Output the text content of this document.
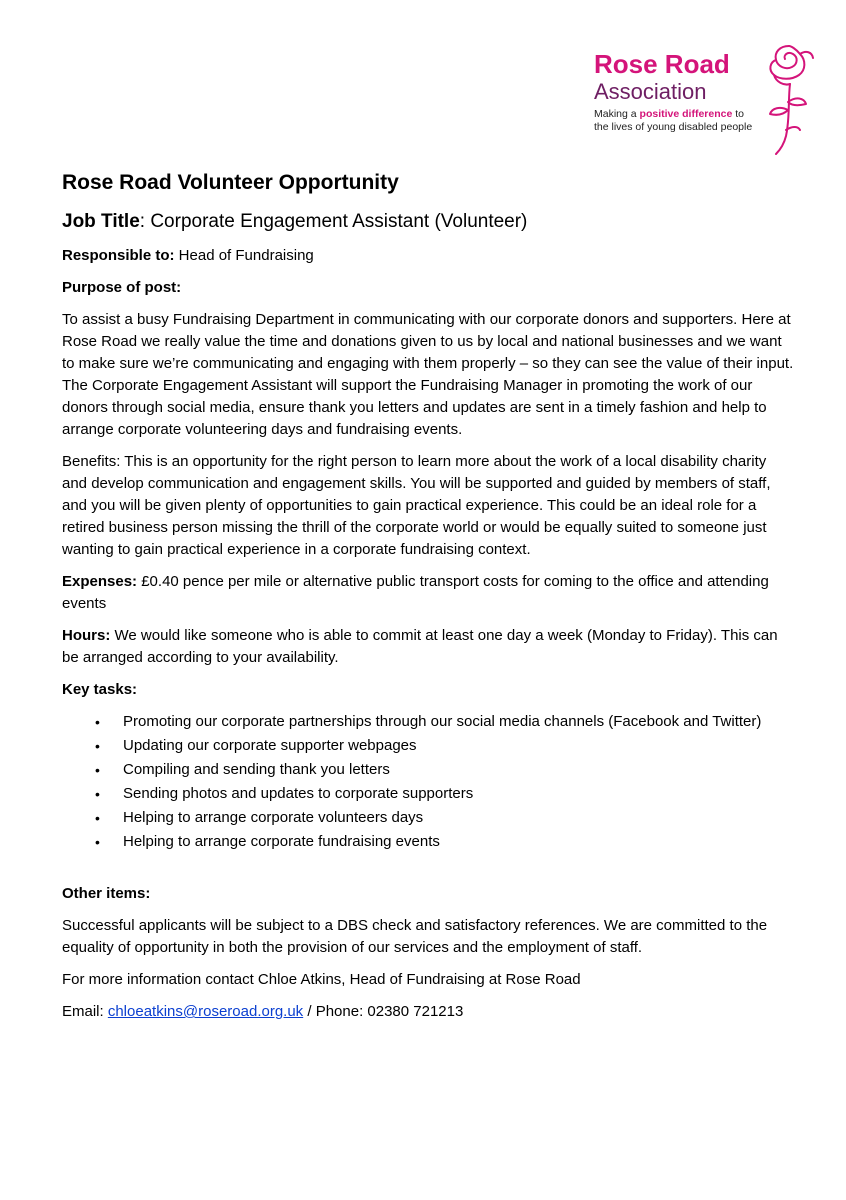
Rose Road
Association
Making a positive difference to
the lives of young disabled people
Rose Road Volunteer Opportunity
Job Title: Corporate Engagement Assistant (Volunteer)

Responsible to: Head of Fundraising

Purpose of post:

To assist a busy Fundraising Department in communicating with our corporate donors and supporters. Here at Rose Road we really value the time and donations given to us by local and national businesses and we want to make sure we’re communicating and engaging with them properly – so they can see the value of their input. The Corporate Engagement Assistant will support the Fundraising Manager in promoting the work of our donors through social media, ensure thank you letters and updates are sent in a timely fashion and help to arrange corporate volunteering days and fundraising events.

Benefits: This is an opportunity for the right person to learn more about the work of a local disability charity and develop communication and engagement skills. You will be supported and guided by members of staff, and you will be given plenty of opportunities to gain practical experience. This could be an ideal role for a retired business person missing the thrill of the corporate world or would be equally suited to someone just wanting to gain practical experience in a corporate fundraising context.

Expenses: £0.40 pence per mile or alternative public transport costs for coming to the office and attending events

Hours: We would like someone who is able to commit at least one day a week (Monday to Friday). This can be arranged according to your availability.

Key tasks:

• Promoting our corporate partnerships through our social media channels (Facebook and Twitter)
• Updating our corporate supporter webpages
• Compiling and sending thank you letters
• Sending photos and updates to corporate supporters
• Helping to arrange corporate volunteers days
• Helping to arrange corporate fundraising events

Other items:

Successful applicants will be subject to a DBS check and satisfactory references. We are committed to the equality of opportunity in both the provision of our services and the employment of staff.

For more information contact Chloe Atkins, Head of Fundraising at Rose Road

Email: chloeatkins@roseroad.org.uk / Phone: 02380 721213
